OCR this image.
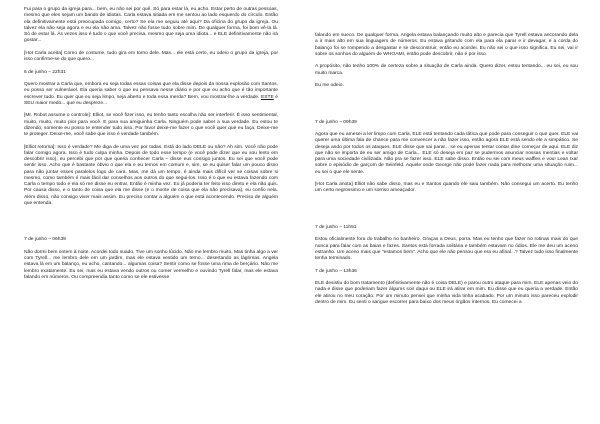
Fui para o grupo da igreja para... bem, eu não sei por quê. Só para estar lá, eu acho. Estar perto de outras pessoas, mesmo que eles sejam um bando de idiotas. Carla estava sitiada em me sentou ao lado esquerdo do círculo. Então ela definitivamente está preocupada comigo, certo? Se ela me seguiu até aqui? Da oficina do grupo da igreja. Ou talvez ela não seja agora e eu ela não ama. Talvez não fosse tudo sobre mim. De qualquer forma, foi bom vê-la lá. Só de estar lá. Às vezes isso é tudo o que você precisa, mesmo que seja uma idiota... e ELE definitivamente não irá gostar...

[Hot Carla aceita] Como de costume, tudo gira em torno dele. Mas... ele está certo, eu odeio o grupo da igreja, por isso confirme-se do que quero...

6 de junho – 22h31

Quero mostrar a Carla que, embora eu seja todas essas coisas que ela disse depois da nossa explosão com Santos, eu posso ser vulnerável. Ela queria saber o que eu pensava nesse diário e por que eu acho que é tão importante escrever tudo. Eu quer que eu seja limpo, seja aberto e toda essa merda? Bem, vou mostrar-lhe a verdade. ESTE é SEU maior medo... que eu despreze...

[Mr. Robot assume o controle]: Elliot, se você fizer isso, eu tenho tanto escolha não ser interferir. É isso sentimental, muito, muito, muito pior para você. E para sua amiguinha Carla. Ninguém pode saber a sua verdade. Eu estou te dizendo, somente eu posso te entender tudo isso. Por favor deixe-me fazer o que você quer que eu faça. Deixe-me te proteger. Deixe-me, você sabe que isso é verdade também.

[Elliot retorna]: Isso é verdade? Me diga de uma vez por todas. Está do lado DELE ou não? Ah sim. Você não pode falar comigo agora. Isso é tudo culpa minha. Depois de todo esse tempo (e você pode dizer que eu sou lento em descobrir isso), eu percebi que por que queria conhecer Carla – disse eus consigo juntos. Eu sei que você pode sentir isso. Acho que é bastante óbvio o que ela e eu temos em comum e, sim, se eu quiser falar um pouco disso para não juntar esses paralelos logo de cara. Mas, me dá um tempo, é ainda mais difícil ver se coisas sobre si mesmo, como também é mais fácil dar conselhos aos outros do que segui-los. Isso é o que eu estava fazendo com Carla o tempo todo e ela só me disse eu entrar. Então é minha vez. Eu já poderia ter feito isso direto e ela não quis. Por causa disso, e o tanto de coisa que ela me disse (e o monte de coisa que ela não precisava), eu confio nela. Além disso, não consigo viver mais assim. Eu preciso contar a alguém o que está acontecendo. Preciso de alguém que entenda.

7 de junho – 06h39

Não dormi bem ontem à noite. Acordei todo suado. Tive um sonho lúcido. Não me lembro muito. Mas tinha algo a ver com Tyrell... me lembro dele em um jardim, mas ele estava vestido um terno... desertando as lágrimas. Angela estava lá em um balanço, eu acho, cantando... algumas coisa? Sentir como se fosse uma rima de berçário. Não me lembro exatamente. Eu sei, mas eu estava vendo outros ou comer vermelho e ouvindo Tyrell falar, mas ele estava falando em números. Ou compreendia tanto como se ele estivesse

falando em sueco. De qualquer forma, Angela estava balançando muito alto e parecia que Tyrell estava ancorando dela a ir mais alto em sua linguagem de números. Eu estava gritando com ela para ela parar e ir devagar, e a corda do balanço foi se rompendo a desgastar e se desconstruir, então eu acordei. Eu não sei o que isso significa. Eu sei, vai ir sobre os sonhos do alguém de WHOAMI, então pode descobrir, não é por isso.

A propósito, não tenho 100% de certeza sobre a situação de Carla ainda. Quero dizer, estou tentando... eu sei, eu sou muito marca.

Eu me odeio.

7 de junho – 09h39

Agora que eu amesei a ler limpo com Carla, ELE está tentando cada tática que pode para conseguir o que quer. ELE vai querer uma última fala de chance para me convencer a não fazer isso, então agora ELE está sendo ele a simpático. Se deseja ando por todos os ataques. ELE disse que vai parar... se eu apenas tentar contar dine começar de aqui. ELE diz que não se importa de eu ser amigo de Carla... ELE só deseja em paz se pudermos anunciar nossas mentias e voltar para uma sociedade civilizada. Não pra se fazer isso. ELE sabe disso. Então eu sei com meus waffles e vou! Lean Ixar sobre o episódio de garçom de Seinfeld. Aquele onde George não pode fazer nada para melhorar uma situação ruim... eu sei o que ele sente.

[Hot Carla anota] Elliot não sabe disso, mas eu e Santos quando ele saiu também. Não consegui um acerto. Eu tenho um certo negrossimo e um sorriso ameaçador.

7 de junho – 11h51

Estou oficialmente fora do trabalho no banheiro. Graças a Deus, porra. Mas eu tenho que fazer no rotinas mais do que nunca para falar com as baias e fazes. Santos está forrada solitária e também estavam no ódios. Ele me deu um aceno estranho. Um aceno mais que "estamos bem". Acho que ele não pensou que era eu afinal...? Talvez tudo isso finalmente tenha terminado.

7 de junho – 13h36

ELE desistiu do bom tratamento (definitivamente não é coisa DELE) e parou outro ataque para mim. ELE apenas veio do nada e disse que poderiam fazer álgums soir daqui ou ELE irá atirar em mim. Eu disse que eu queria a verdade. Então ele atirou no meu coração. Por um minuto pensei que minha vida tinha acabado. Por um minuto isso pareceu explodir dentro de mim. Eu senti o sangue escorrer para baixo dos meus órgãos internos. Eu comecei a
